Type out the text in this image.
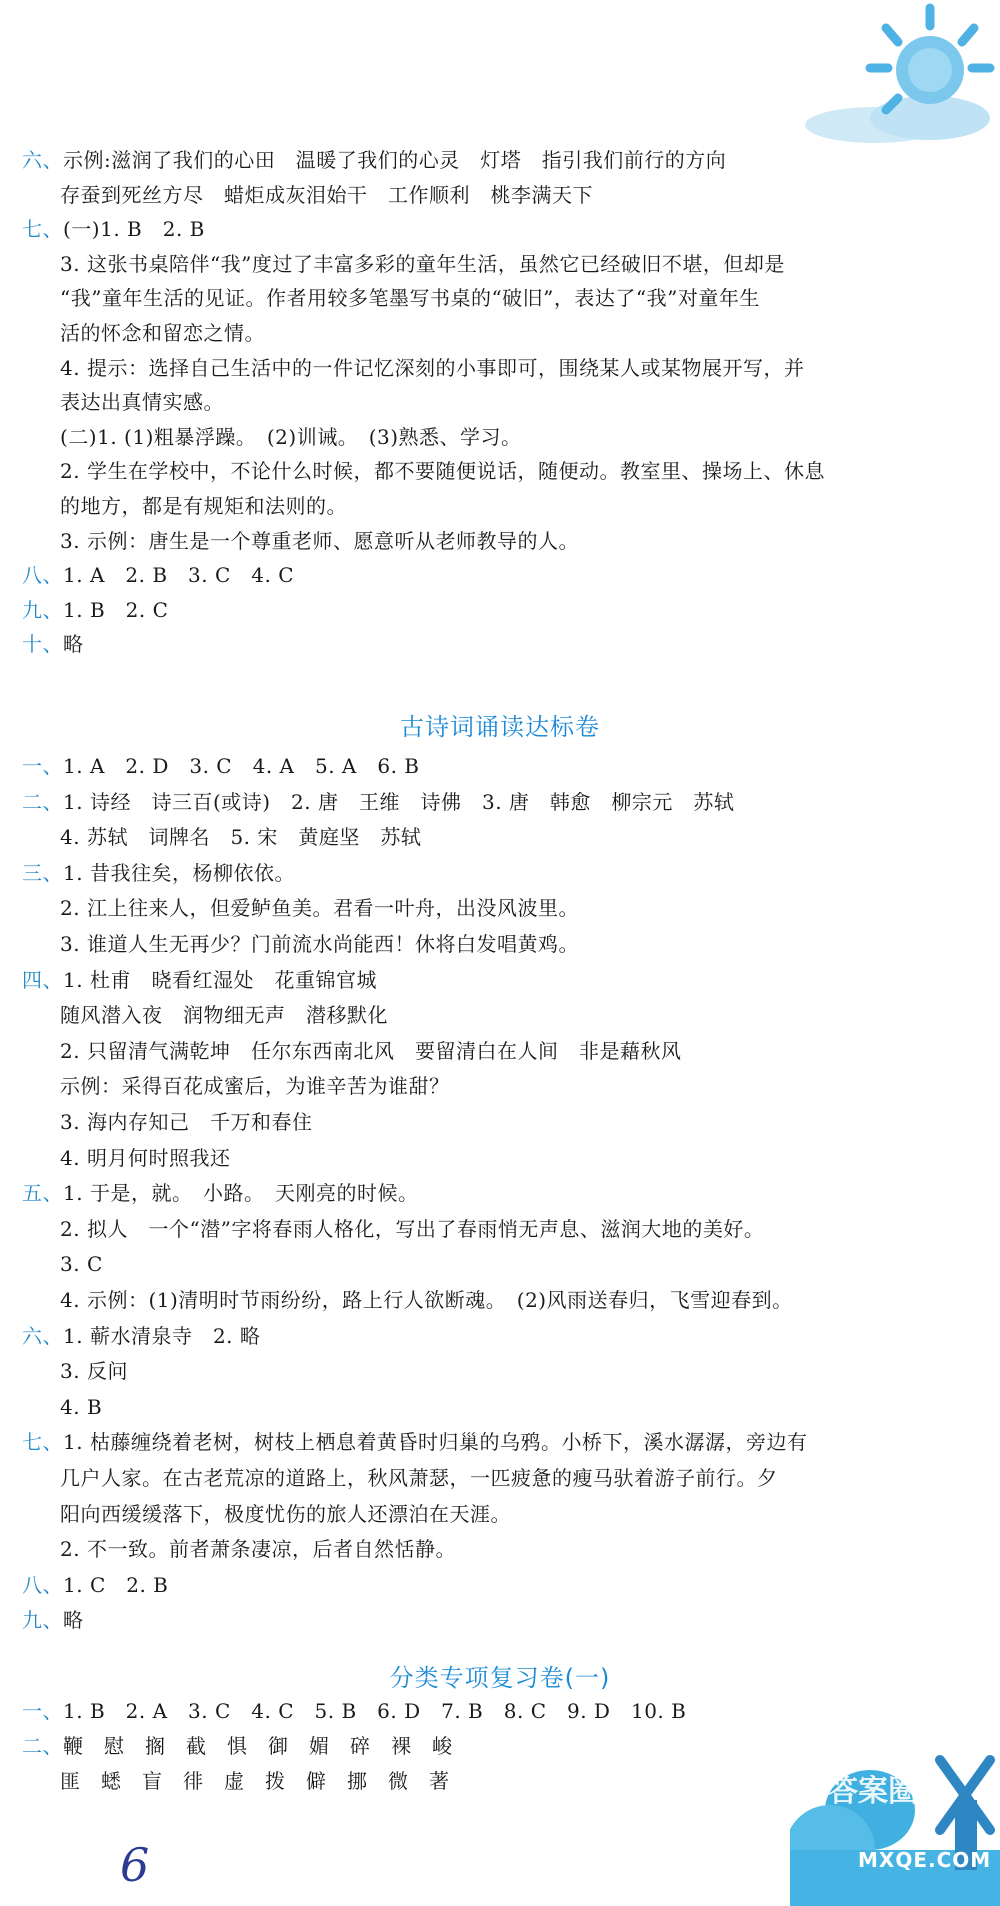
六、示例:滋润了我们的心田　温暖了我们的心灵　灯塔　指引我们前行的方向
存蚕到死丝方尽　蜡炬成灰泪始干　工作顺利　桃李满天下
七、(一)1. B　2. B
3. 这张书桌陪伴“我”度过了丰富多彩的童年生活，虽然它已经破旧不堪，但却是
“我”童年生活的见证。作者用较多笔墨写书桌的“破旧”，表达了“我”对童年生
活的怀念和留恋之情。
4. 提示：选择自己生活中的一件记忆深刻的小事即可，围绕某人或某物展开写，并
表达出真情实感。
(二)1. (1)粗暴浮躁。　(2)训诫。　(3)熟悉、学习。
2. 学生在学校中，不论什么时候，都不要随便说话，随便动。教室里、操场上、休息
的地方，都是有规矩和法则的。
3. 示例：唐生是一个尊重老师、愿意听从老师教导的人。
八、1. A　2. B　3. C　4. C
九、1. B　2. C
十、略
古诗词诵读达标卷
一、1. A　2. D　3. C　4. A　5. A　6. B
二、1. 诗经　诗三百(或诗)　2. 唐　王维　诗佛　3. 唐　韩愈　柳宗元　苏轼
4. 苏轼　词牌名　5. 宋　黄庭坚　苏轼
三、1. 昔我往矣，杨柳依依。
2. 江上往来人，但爱鲈鱼美。君看一叶舟，出没风波里。
3. 谁道人生无再少？门前流水尚能西！休将白发唱黄鸡。
四、1. 杜甫　晓看红湿处　花重锦官城
随风潜入夜　润物细无声　潜移默化
2. 只留清气满乾坤　任尔东西南北风　要留清白在人间　非是藉秋风
示例：采得百花成蜜后，为谁辛苦为谁甜？
3. 海内存知己　千万和春住
4. 明月何时照我还
五、1. 于是，就。　小路。　天刚亮的时候。
2. 拟人　一个“潜”字将春雨人格化，写出了春雨悄无声息、滋润大地的美好。
3. C
4. 示例：(1)清明时节雨纷纷，路上行人欲断魂。　(2)风雨送春归，飞雪迎春到。
六、1. 蕲水清泉寺　2. 略
3. 反问
4. B
七、1. 枯藤缠绕着老树，树枝上栖息着黄昏时归巢的乌鸦。小桥下，溪水潺潺，旁边有
几户人家。在古老荒凉的道路上，秋风萧瑟，一匹疲惫的瘦马驮着游子前行。夕
阳向西缓缓落下，极度忧伤的旅人还漂泊在天涯。
2. 不一致。前者萧条凄凉，后者自然恬静。
八、1. C　2. B
九、略
分类专项复习卷(一)
一、1. B　2. A　3. C　4. C　5. B　6. D　7. B　8. C　9. D　10. B
二、鞭　慰　搁　截　惧　御　媚　碎　裸　峻
匪　蟋　盲　徘　虚　拨　僻　挪　微　著
6
答案圈
MXQE.COM
